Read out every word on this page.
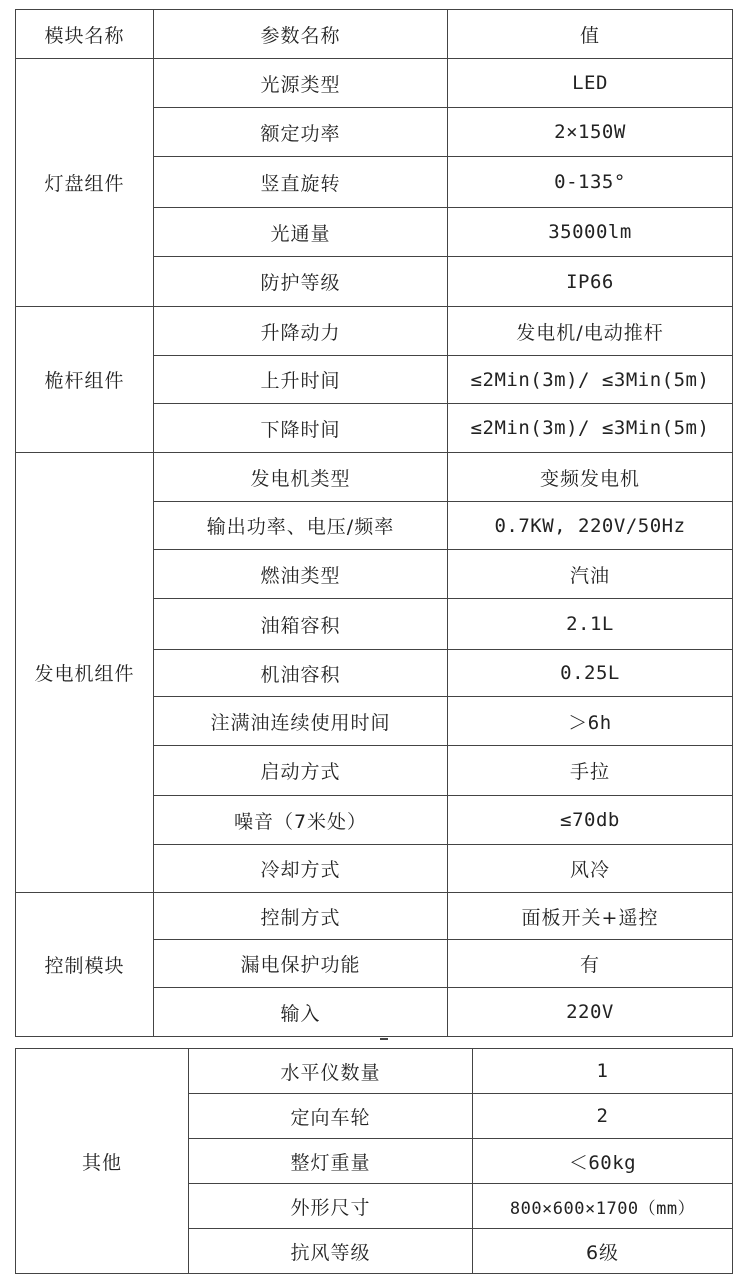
模块名称	参数名称	值
灯盘组件	光源类型	LED
	额定功率	2×150W
	竖直旋转	0-135°
	光通量	35000lm
	防护等级	IP66
桅杆组件	升降动力	发电机/电动推杆
	上升时间	≤2Min(3m)/ ≤3Min(5m)
	下降时间	≤2Min(3m)/ ≤3Min(5m)
发电机组件	发电机类型	变频发电机
	输出功率、电压/频率	0.7KW, 220V/50Hz
	燃油类型	汽油
	油箱容积	2.1L
	机油容积	0.25L
	注满油连续使用时间	＞6h
	启动方式	手拉
	噪音（7米处）	≤70db
	冷却方式	风冷
控制模块	控制方式	面板开关+遥控
	漏电保护功能	有
	输入	220V
其他	水平仪数量	1
	定向车轮	2
	整灯重量	＜60kg
	外形尺寸	800×600×1700（mm）
	抗风等级	6级
